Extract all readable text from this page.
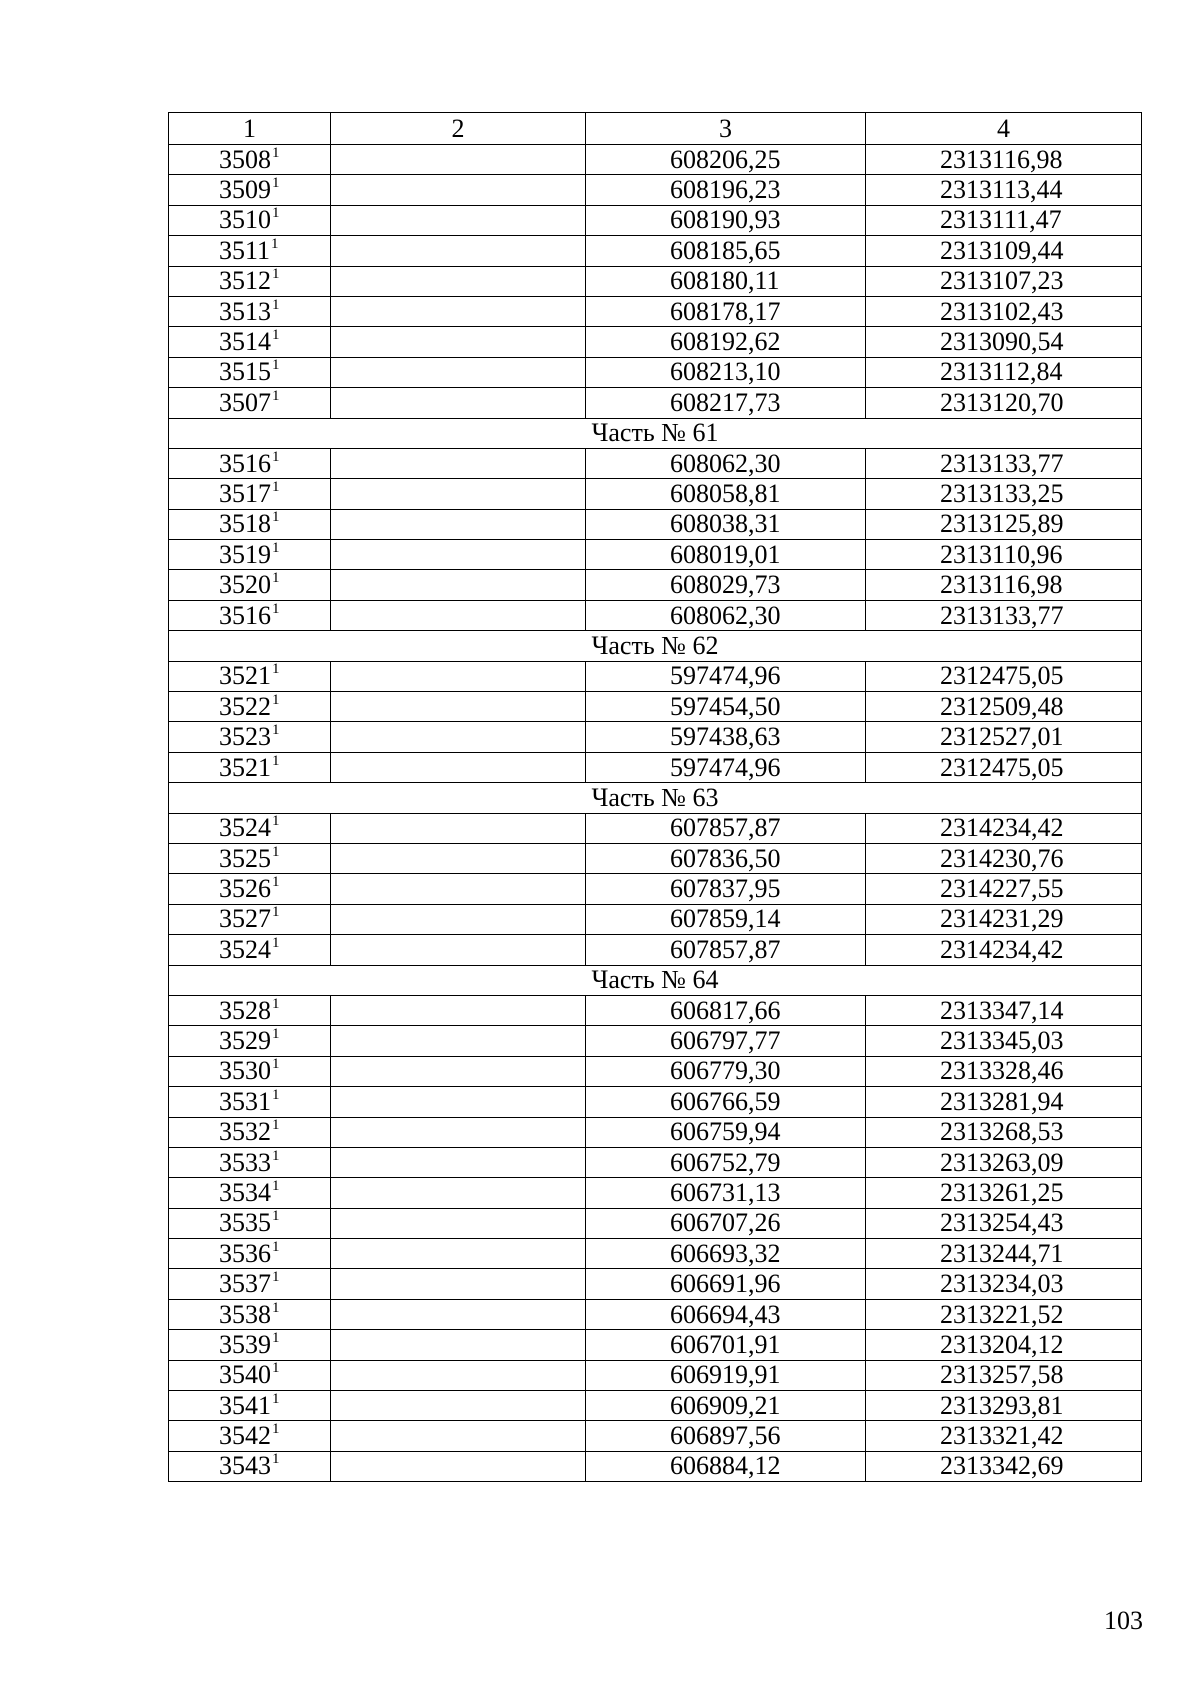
1	2	3	4
3508$^1$		608206,25	2313116,98
3509$^1$		608196,23	2313113,44
3510$^1$		608190,93	2313111,47
3511$^1$		608185,65	2313109,44
3512$^1$		608180,11	2313107,23
3513$^1$		608178,17	2313102,43
3514$^1$		608192,62	2313090,54
3515$^1$		608213,10	2313112,84
3507$^1$		608217,73	2313120,70
Часть № 61			
3516$^1$		608062,30	2313133,77
3517$^1$		608058,81	2313133,25
3518$^1$		608038,31	2313125,89
3519$^1$		608019,01	2313110,96
3520$^1$		608029,73	2313116,98
3516$^1$		608062,30	2313133,77
Часть № 62			
3521$^1$		597474,96	2312475,05
3522$^1$		597454,50	2312509,48
3523$^1$		597438,63	2312527,01
3521$^1$		597474,96	2312475,05
Часть № 63			
3524$^1$		607857,87	2314234,42
3525$^1$		607836,50	2314230,76
3526$^1$		607837,95	2314227,55
3527$^1$		607859,14	2314231,29
3524$^1$		607857,87	2314234,42
Часть № 64			
3528$^1$		606817,66	2313347,14
3529$^1$		606797,77	2313345,03
3530$^1$		606779,30	2313328,46
3531$^1$		606766,59	2313281,94
3532$^1$		606759,94	2313268,53
3533$^1$		606752,79	2313263,09
3534$^1$		606731,13	2313261,25
3535$^1$		606707,26	2313254,43
3536$^1$		606693,32	2313244,71
3537$^1$		606691,96	2313234,03
3538$^1$		606694,43	2313221,52
3539$^1$		606701,91	2313204,12
3540$^1$		606919,91	2313257,58
3541$^1$		606909,21	2313293,81
3542$^1$		606897,56	2313321,42
3543$^1$		606884,12	2313342,69
103
